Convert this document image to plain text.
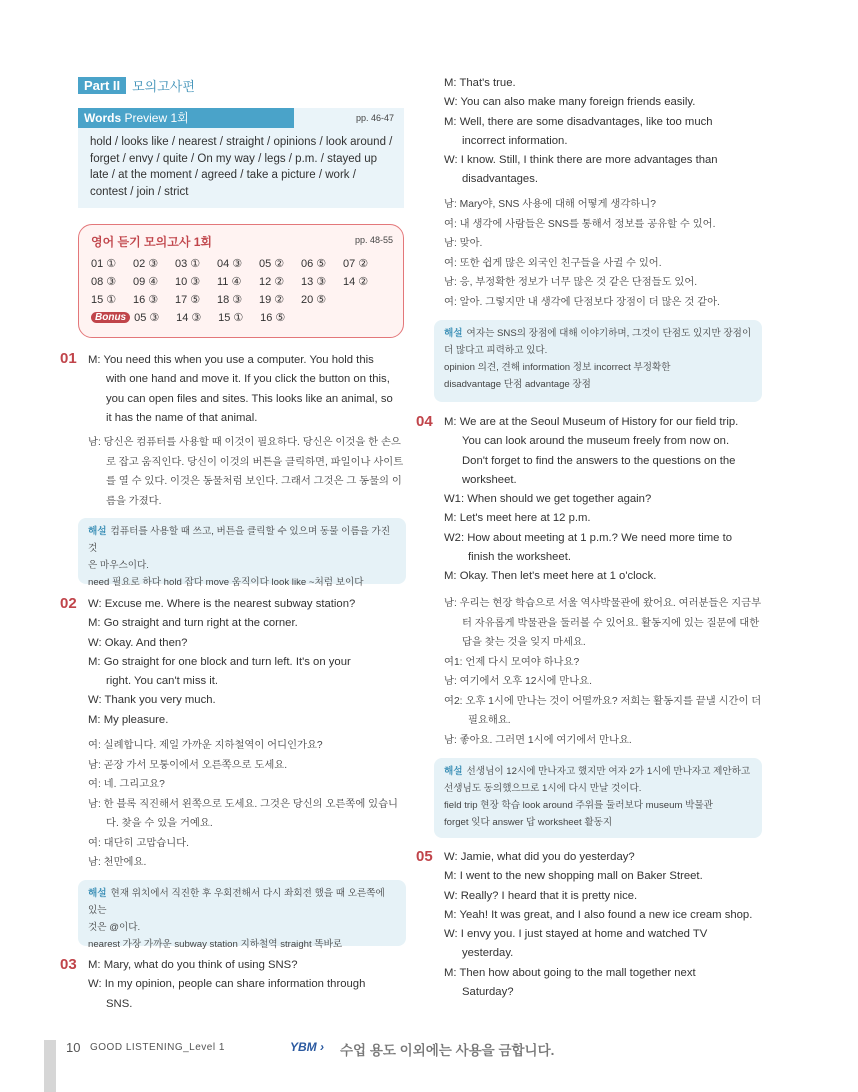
Part II 모의고사편
Words Preview 1회	pp. 46-47
hold / looks like / nearest / straight / opinions / look around / forget / envy / quite / On my way / legs / p.m. / stayed up late / at the moment / agreed / take a picture / work / contest / join / strict
영어 듣기 모의고사 1회	pp. 48-55
01 ①	02 ③	03 ①	04 ③	05 ②	06 ⑤	07 ②
08 ③	09 ④	10 ③	11 ④	12 ②	13 ③	14 ②
15 ①	16 ③	17 ⑤	18 ③	19 ②	20 ⑤
Bonus 05 ③	14 ③	15 ①	16 ⑤
01 M: You need this when you use a computer. You hold this
with one hand and move it. If you click the button on this,
you can open files and sites. This looks like an animal, so
it has the name of that animal.
남: 당신은 컴퓨터를 사용할 때 이것이 필요하다. 당신은 이것을 한 손으
로 잡고 움직인다. 당신이 이것의 버튼을 클릭하면, 파일이나 사이트
를 열 수 있다. 이것은 동물처럼 보인다. 그래서 그것은 그 동물의 이
름을 가졌다.
해설 컴퓨터를 사용할 때 쓰고, 버튼을 클릭할 수 있으며 동물 이름을 가진 것
은 마우스이다.
need 필요로 하다 hold 잡다 move 움직이다 look like ~처럼 보이다
02 W: Excuse me. Where is the nearest subway station?
M: Go straight and turn right at the corner.
W: Okay. And then?
M: Go straight for one block and turn left. It's on your
right. You can't miss it.
W: Thank you very much.
M: My pleasure.
여: 실례합니다. 제일 가까운 지하철역이 어디인가요?
남: 곧장 가서 모퉁이에서 오른쪽으로 도세요.
여: 네. 그리고요?
남: 한 블록 직진해서 왼쪽으로 도세요. 그것은 당신의 오른쪽에 있습니
다. 찾을 수 있을 거예요.
여: 대단히 고맙습니다.
남: 천만에요.
해설 현재 위치에서 직진한 후 우회전해서 다시 좌회전 했을 때 오른쪽에 있는
것은 @이다.
nearest 가장 가까운 subway station 지하철역 straight 똑바로
03 M: Mary, what do you think of using SNS?
W: In my opinion, people can share information through
SNS.
M: That's true.
W: You can also make many foreign friends easily.
M: Well, there are some disadvantages, like too much
incorrect information.
W: I know. Still, I think there are more advantages than
disadvantages.
남: Mary야, SNS 사용에 대해 어떻게 생각하니?
여: 내 생각에 사람들은 SNS를 통해서 정보를 공유할 수 있어.
남: 맞아.
여: 또한 쉽게 많은 외국인 친구들을 사귈 수 있어.
남: 응, 부정확한 정보가 너무 많은 것 같은 단점들도 있어.
여: 알아. 그렇지만 내 생각에 단점보다 장점이 더 많은 것 같아.
해설 여자는 SNS의 장점에 대해 이야기하며, 그것이 단점도 있지만 장점이
더 많다고 피력하고 있다.
opinion 의견, 견해 information 정보 incorrect 부정확한
disadvantage 단점 advantage 장점
04 M: We are at the Seoul Museum of History for our field trip.
You can look around the museum freely from now on.
Don't forget to find the answers to the questions on the
worksheet.
W1: When should we get together again?
M: Let's meet here at 12 p.m.
W2: How about meeting at 1 p.m.? We need more time to
finish the worksheet.
M: Okay. Then let's meet here at 1 o'clock.
남: 우리는 현장 학습으로 서울 역사박물관에 왔어요. 여러분들은 지금부
터 자유롭게 박물관을 둘러볼 수 있어요. 활동지에 있는 질문에 대한
답을 찾는 것을 잊지 마세요.
여1: 언제 다시 모여야 하나요?
남: 여기에서 오후 12시에 만나요.
여2: 오후 1시에 만나는 것이 어떨까요? 저희는 활동지를 끝낼 시간이 더
필요해요.
남: 좋아요. 그러면 1시에 여기에서 만나요.
해설 선생님이 12시에 만나자고 했지만 여자 2가 1시에 만나자고 제안하고
선생님도 동의했으므로 1시에 다시 만날 것이다.
field trip 현장 학습 look around 주위를 둘러보다 museum 박물관
forget 잊다 answer 답 worksheet 활동지
05 W: Jamie, what did you do yesterday?
M: I went to the new shopping mall on Baker Street.
W: Really? I heard that it is pretty nice.
M: Yeah! It was great, and I also found a new ice cream shop.
W: I envy you. I just stayed at home and watched TV
yesterday.
M: Then how about going to the mall together next
Saturday?
10 GOOD LISTENING_Level 1	YBM › 수업 용도 이외에는 사용을 금합니다.
